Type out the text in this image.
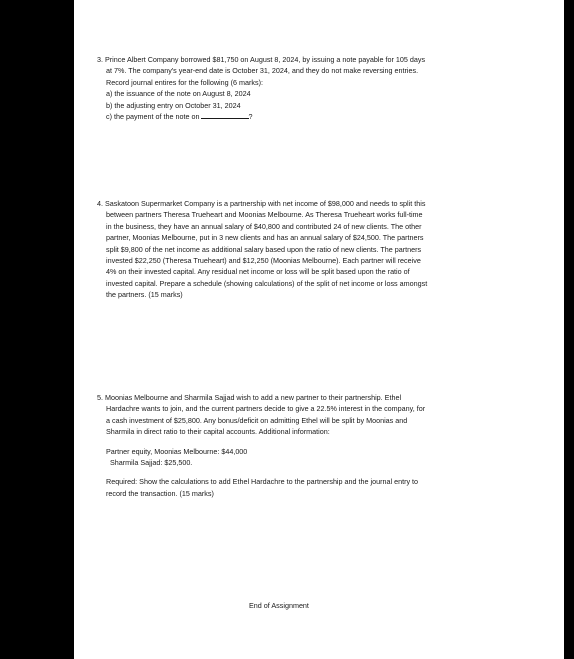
3. Prince Albert Company borrowed $81,750 on August 8, 2024, by issuing a note payable for 105 days
at 7%. The company's year-end date is October 31, 2024, and they do not make reversing entries.
Record journal entires for the following (6 marks):
a) the issuance of the note on August 8, 2024
b) the adjusting entry on October 31, 2024
c) the payment of the note on	?
4. Saskatoon Supermarket Company is a partnership with net income of $98,000 and needs to split this
between partners Theresa Trueheart and Moonias Melbourne. As Theresa Trueheart works full-time
in the business, they have an annual salary of $40,800 and contributed 24 of new clients. The other
partner, Moonias Melbourne, put in 3 new clients and has an annual salary of $24,500. The partners
split $9,800 of the net income as additional salary based upon the ratio of new clients. The partners
invested $22,250 (Theresa Trueheart) and $12,250 (Moonias Melbourne). Each partner will receive
4% on their invested capital. Any residual net income or loss will be split based upon the ratio of
invested capital. Prepare a schedule (showing calculations) of the split of net income or loss amongst
the partners. (15 marks)
5. Moonias Melbourne and Sharmila Sajjad wish to add a new partner to their partnership. Ethel
Hardachre wants to join, and the current partners decide to give a 22.5% interest in the company, for
a cash investment of $25,800. Any bonus/deficit on admitting Ethel will be split by Moonias and
Sharmila in direct ratio to their capital accounts. Additional information:
Partner equity, Moonias Melbourne: $44,000
Sharmila Sajjad: $25,500.
Required: Show the calculations to add Ethel Hardachre to the partnership and the journal entry to
record the transaction. (15 marks)
End of Assignment
